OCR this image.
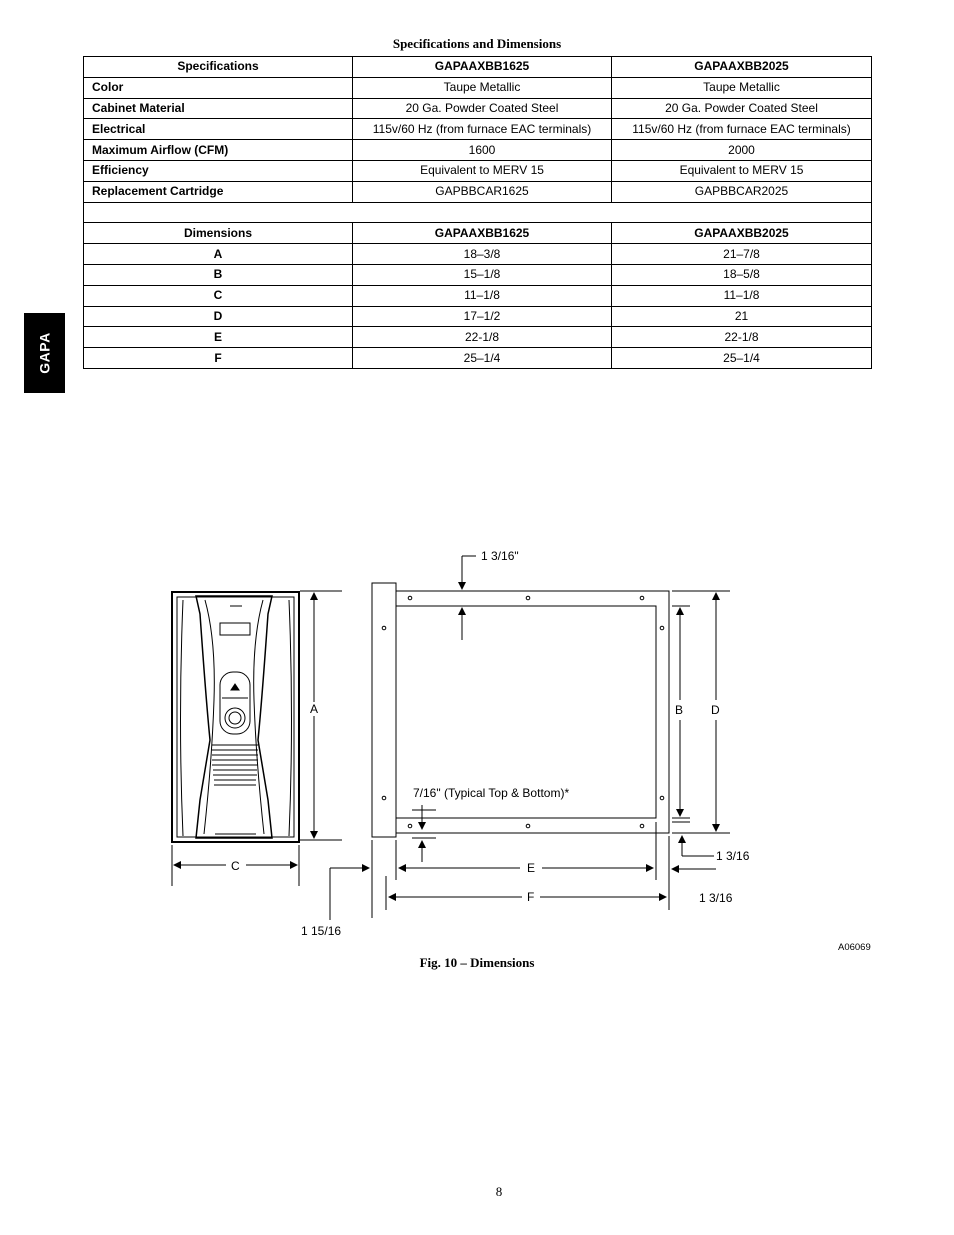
Specifications and Dimensions
Specifications	GAPAAXBB1625	GAPAAXBB2025
Color	Taupe Metallic	Taupe Metallic
Cabinet Material	20 Ga. Powder Coated Steel	20 Ga. Powder Coated Steel
Electrical	115v/60 Hz (from furnace EAC terminals)	115v/60 Hz (from furnace EAC terminals)
Maximum Airflow (CFM)	1600	2000
Efficiency	Equivalent to MERV 15	Equivalent to MERV 15
Replacement Cartridge	GAPBBCAR1625	GAPBBCAR2025

Dimensions	GAPAAXBB1625	GAPAAXBB2025
A	18–3/8	21–7/8
B	15–1/8	18–5/8
C	11–1/8	11–1/8
D	17–1/2	21
E	22-1/8	22-1/8
F	25–1/4	25–1/4
GAPA
A
C
1 3/16"
B D
7/16" (Typical Top & Bottom)*
1 3/16
1 3/16
E
F
1 15/16
A06069
Fig. 10 – Dimensions
8
